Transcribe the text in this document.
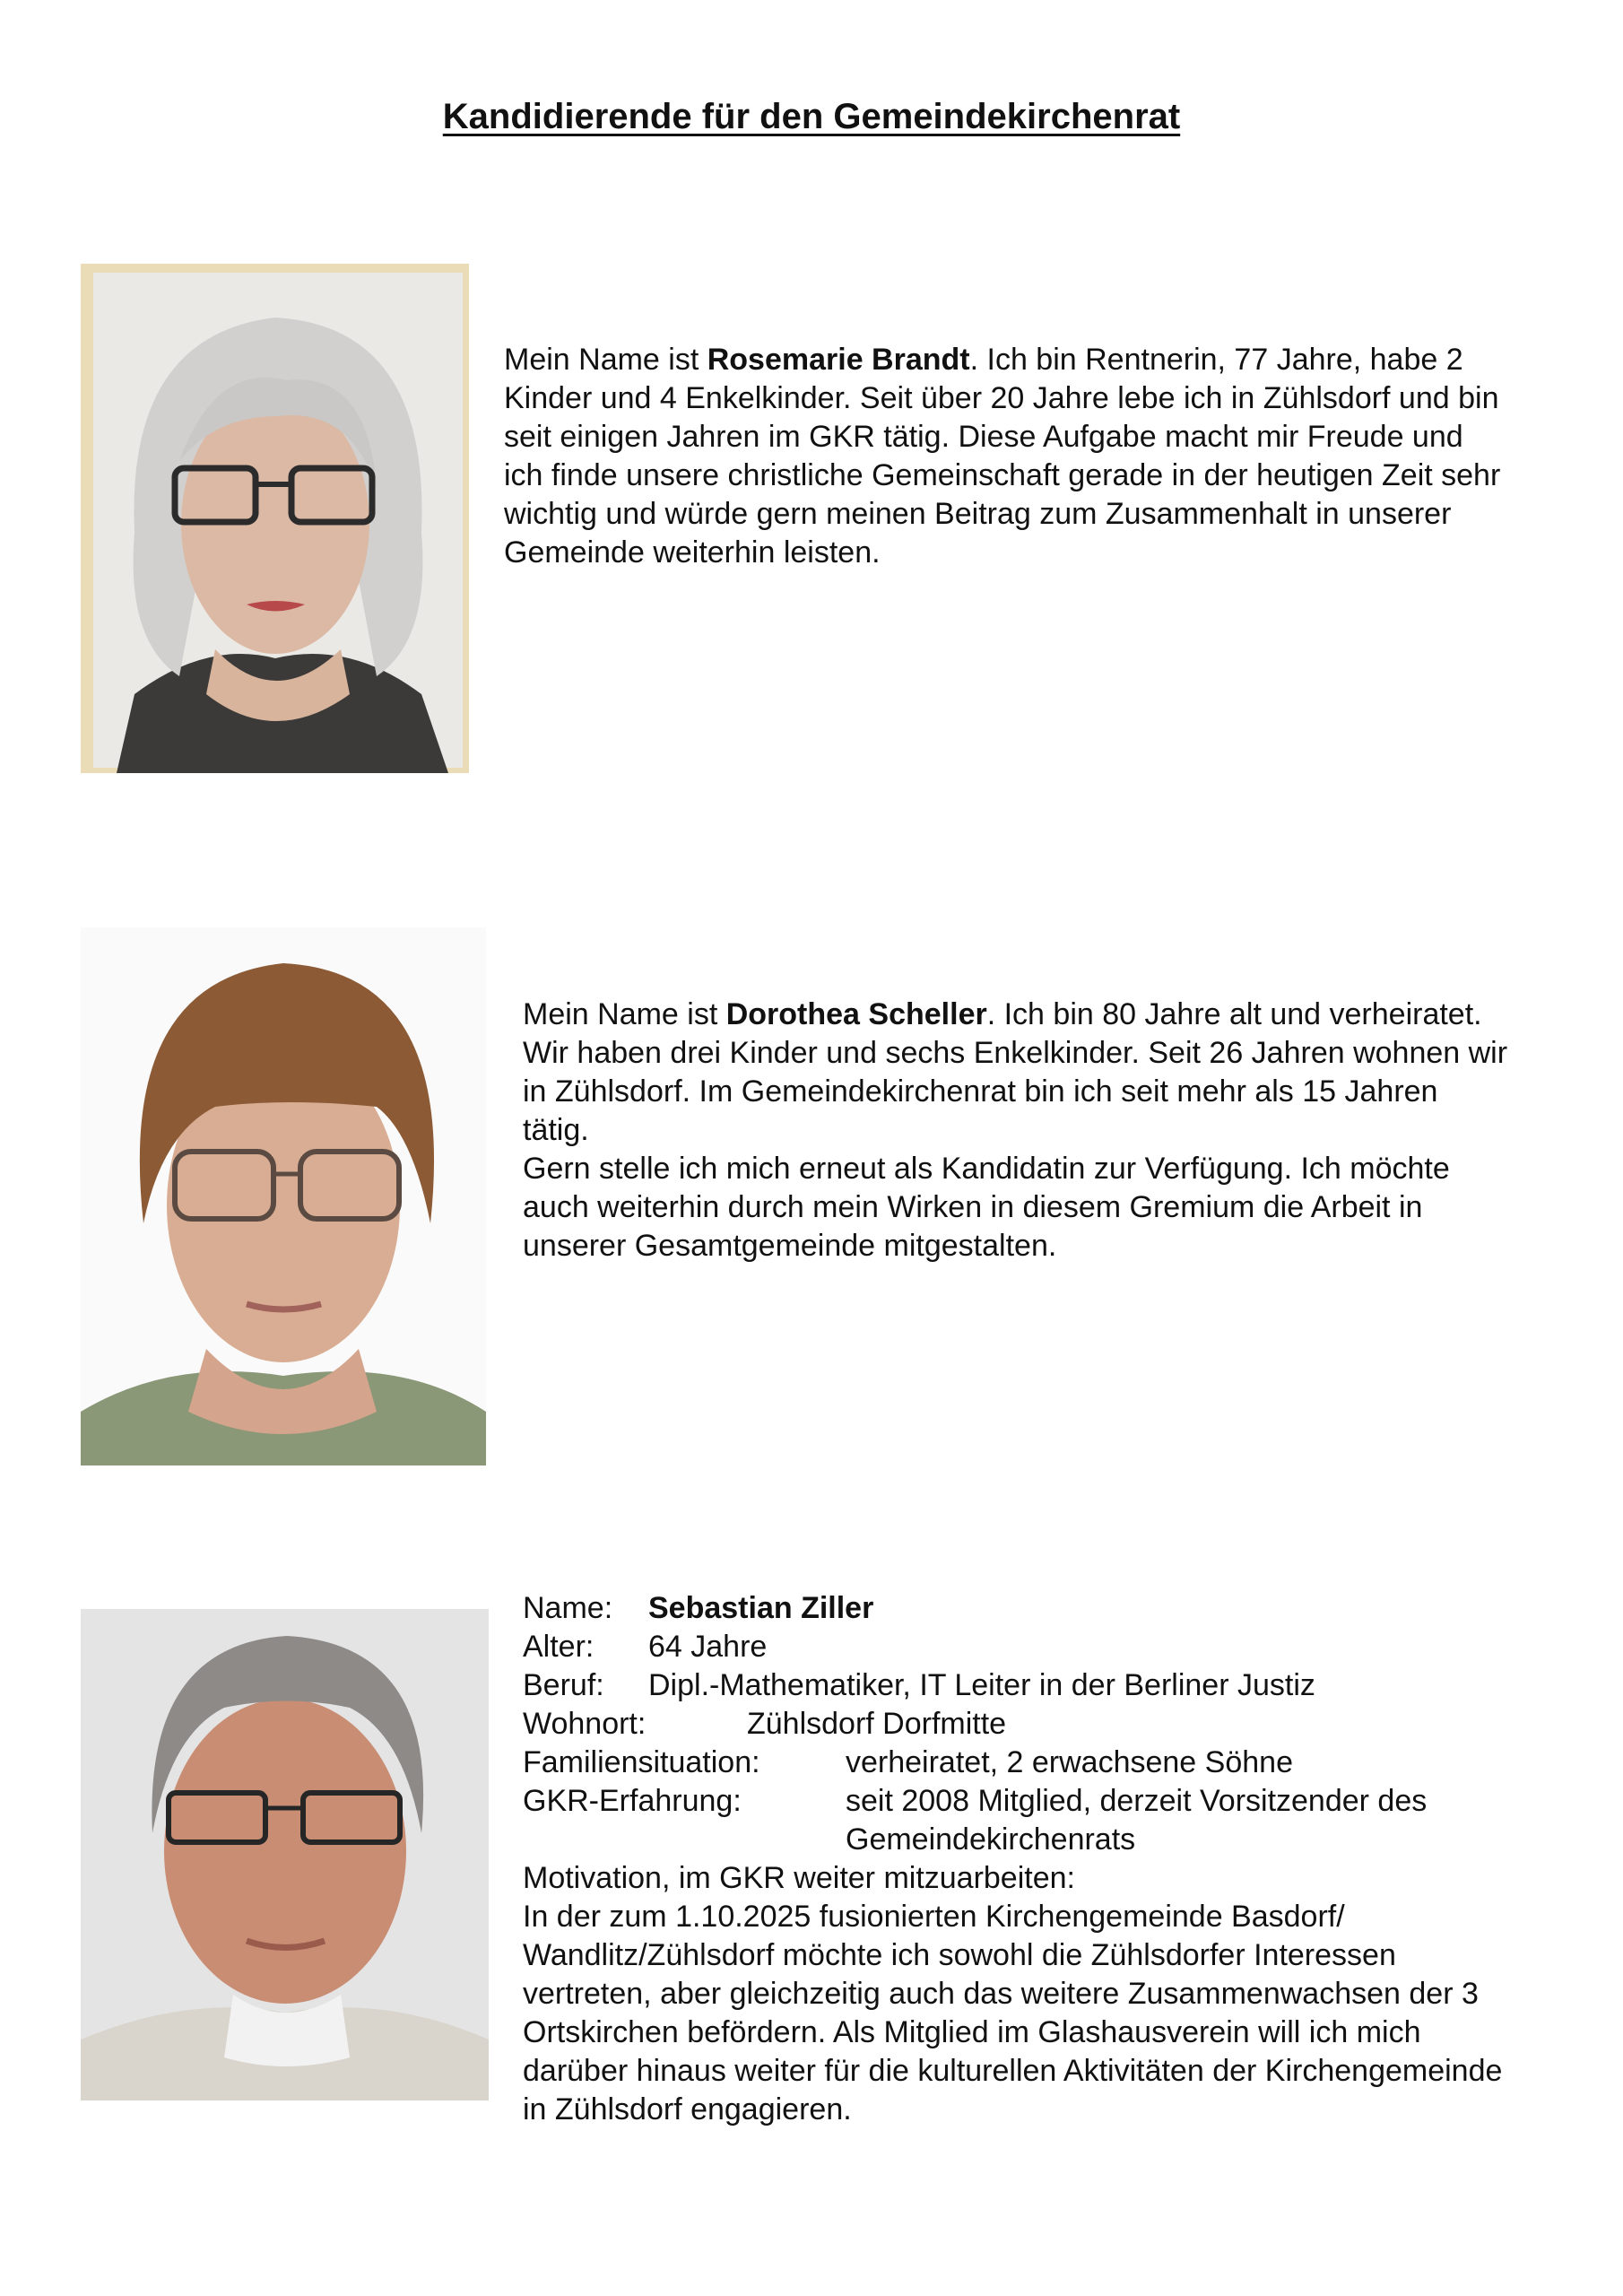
Kandidierende für den Gemeindekirchenrat

Mein Name ist Rosemarie Brandt. Ich bin Rentnerin, 77 Jahre, habe 2 Kinder und 4 Enkelkinder. Seit über 20 Jahre lebe ich in Zühlsdorf und bin seit einigen Jahren im GKR tätig. Diese Aufgabe macht mir Freude und ich finde unsere christliche Gemeinschaft gerade in der heutigen Zeit sehr wichtig und würde gern meinen Beitrag zum Zusammenhalt in unserer Gemeinde weiterhin leisten.

Mein Name ist Dorothea Scheller. Ich bin 80 Jahre alt und verheiratet. Wir haben drei Kinder und sechs Enkelkinder. Seit 26 Jahren wohnen wir in Zühlsdorf. Im Gemeindekirchenrat bin ich seit mehr als 15 Jahren tätig.

Gern stelle ich mich erneut als Kandidatin zur Verfügung. Ich möchte auch weiterhin durch mein Wirken in diesem Gremium die Arbeit in unserer Gesamtgemeinde mitgestalten.

Name:	Sebastian Ziller
Alter:	64 Jahre
Beruf:	Dipl.-Mathematiker, IT Leiter in der Berliner Justiz
Wohnort:	Zühlsdorf Dorfmitte
Familiensituation:	verheiratet, 2 erwachsene Söhne
GKR-Erfahrung:	seit 2008 Mitglied, derzeit Vorsitzender des Gemeindekirchenrats

Motivation, im GKR weiter mitzuarbeiten:

In der zum 1.10.2025 fusionierten Kirchengemeinde Basdorf/ Wandlitz/Zühlsdorf möchte ich sowohl die Zühlsdorfer Interessen vertreten, aber gleichzeitig auch das weitere Zusammenwachsen der 3 Ortskirchen befördern. Als Mitglied im Glashausverein will ich mich darüber hinaus weiter für die kulturellen Aktivitäten der Kirchengemeinde in Zühlsdorf engagieren.
